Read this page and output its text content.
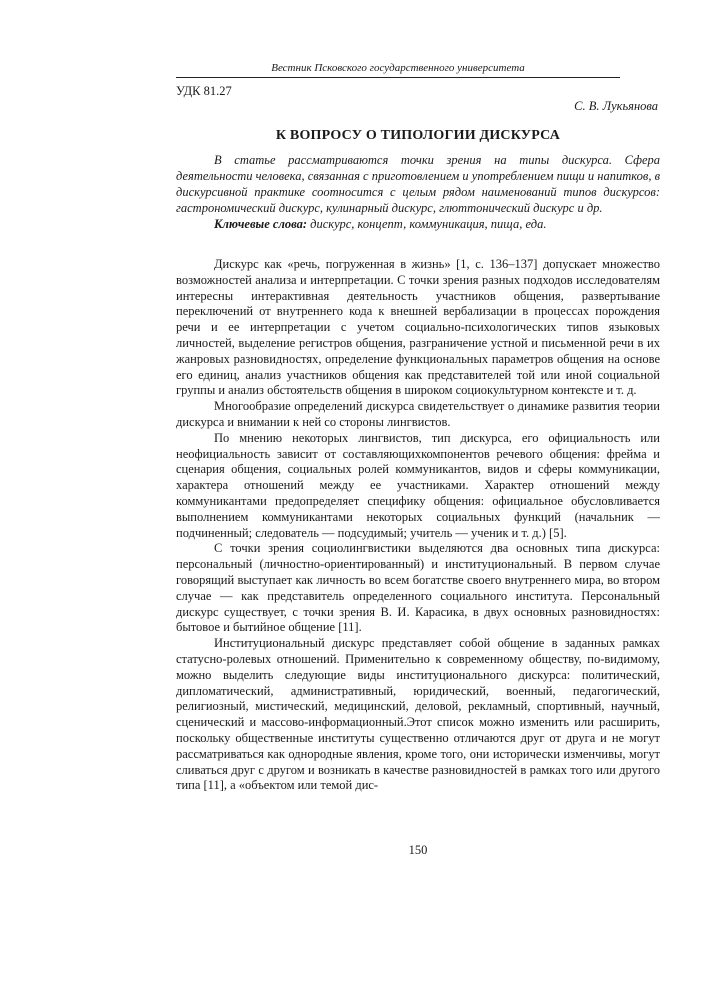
Вестник Псковского государственного университета
УДК 81.27
С. В. Лукьянова
К ВОПРОСУ О ТИПОЛОГИИ ДИСКУРСА

В статье рассматриваются точки зрения на типы дискурса. Сфера деятельности человека, связанная с приготовлением и употреблением пищи и напитков, в дискурсивной практике соотносится с целым рядом наименований типов дискурсов: гастрономический дискурс, кулинарный дискурс, глюттонический дискурс и др.

Ключевые слова: дискурс, концепт, коммуникация, пища, еда.

Дискурс как «речь, погруженная в жизнь» [1, с. 136–137] допускает множество возможностей анализа и интерпретации. С точки зрения разных подходов исследователям интересны интерактивная деятельность участников общения, развертывание переключений от внутреннего кода к внешней вербализации в процессах порождения речи и ее интерпретации с учетом социально-психологических типов языковых личностей, выделение регистров общения, разграничение устной и письменной речи в их жанровых разновидностях, определение функциональных параметров общения на основе его единиц, анализ участников общения как представителей той или иной социальной группы и анализ обстоятельств общения в широком социокультурном контексте и т. д.

Многообразие определений дискурса свидетельствует о динамике развития теории дискурса и внимании к ней со стороны лингвистов.

По мнению некоторых лингвистов, тип дискурса, его официальность или неофициальность зависит от составляющихкомпонентов речевого общения: фрейма и сценария общения, социальных ролей коммуникантов, видов и сферы коммуникации, характера отношений между ее участниками. Характер отношений между коммуникантами предопределяет специфику общения: официальное обусловливается выполнением коммуникантами некоторых социальных функций (начальник — подчиненный; следователь — подсудимый; учитель — ученик и т. д.) [5].

С точки зрения социолингвистики выделяются два основных типа дискурса: персональный (личностно-ориентированный) и институциональный. В первом случае говорящий выступает как личность во всем богатстве своего внутреннего мира, во втором случае — как представитель определенного социального института. Персональный дискурс существует, с точки зрения В. И. Карасика, в двух основных разновидностях: бытовое и бытийное общение [11].

Институциональный дискурс представляет собой общение в заданных рамках статусно-ролевых отношений. Применительно к современному обществу, по-видимому, можно выделить следующие виды институционального дискурса: политический, дипломатический, административный, юридический, военный, педагогический, религиозный, мистический, медицинский, деловой, рекламный, спортивный, научный, сценический и массово-информационный.Этот список можно изменить или расширить, поскольку общественные институты существенно отличаются друг от друга и не могут рассматриваться как однородные явления, кроме того, они исторически изменчивы, могут сливаться друг с другом и возникать в качестве разновидностей в рамках того или другого типа [11], а «объектом или темой дис-

150
